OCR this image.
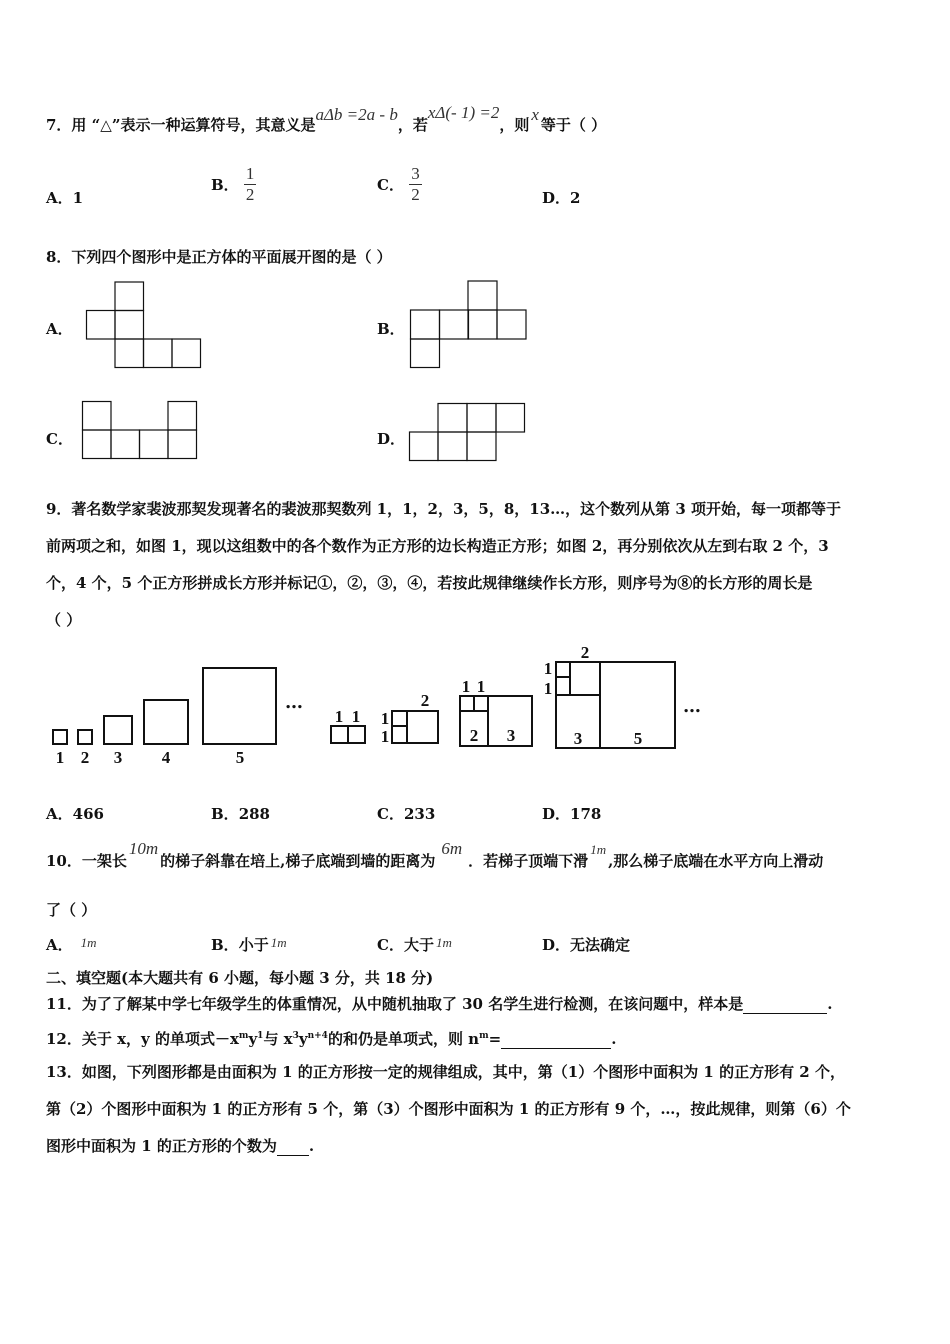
7．用 “△”表示一种运算符号，其意义是aΔb =2a - b，若xΔ(- 1) =2，则x等于（ ）
A．1
B． $\frac{1}{2}$	C． $\frac{3}{2}$	D．2
8．下列四个图形中是正方体的平面展开图的是（ ）
A．	B．
C．	D．
9．著名数学家裴波那契发现著名的裴波那契数列 1，1，2，3，5，8，13…，这个数列从第 3 项开始，每一项都等于
前两项之和，如图 1，现以这组数中的各个数作为正方形的边长构造正方形；如图 2，再分别依次从左到右取 2 个，3
个，4 个，5 个正方形拼成长方形并标记①，②，③，④，若按此规律继续作长方形，则序号为⑧的长方形的周长是
（ ）
1 2 3 4	5
…
1 1 1
1
2
1 1
2 3
1
1
2
3	5
…
A．466	B．288	C．233	D．178
10．一架长10m的梯子斜靠在培上,梯子底端到墙的距离为6m．若梯子顶端下滑1m,那么梯子底端在水平方向上滑动
了（ ）
A． 1m	B．小于 1m	C．大于 1m	D．无法确定
二、填空题(本大题共有 6 小题，每小题 3 分，共 18 分)
11．为了了解某中学七年级学生的体重情况，从中随机抽取了 30 名学生进行检测，在该问题中，样本是	.
12．关于 x，y 的单项式$-x^my^1$与 $x^3y^{n+4}$的和仍是单项式，则 $n^m=$	.
13．如图，下列图形都是由面积为 1 的正方形按一定的规律组成，其中，第（1）个图形中面积为 1 的正方形有 2 个，
第（2）个图形中面积为 1 的正方形有 5 个，第（3）个图形中面积为 1 的正方形有 9 个，…，按此规律，则第（6）个
图形中面积为 1 的正方形的个数为 .
